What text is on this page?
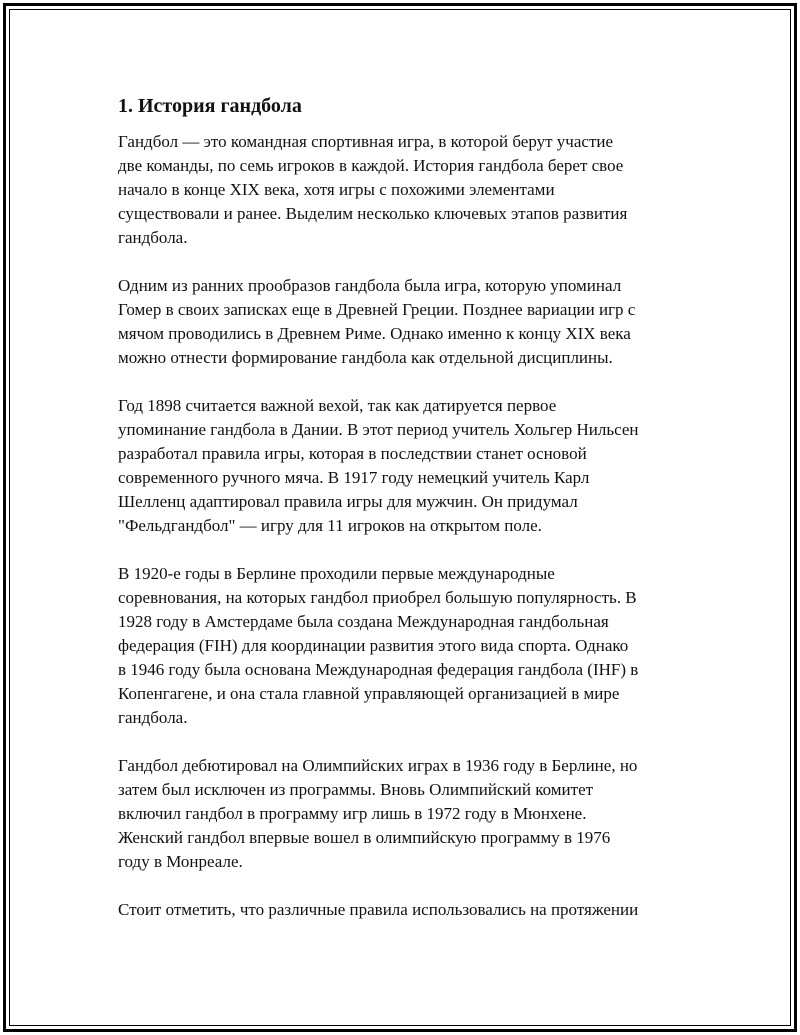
1. История гандбола

Гандбол — это командная спортивная игра, в которой берут участие
две команды, по семь игроков в каждой. История гандбола берет свое
начало в конце XIX века, хотя игры с похожими элементами
существовали и ранее. Выделим несколько ключевых этапов развития
гандбола.

Одним из ранних прообразов гандбола была игра, которую упоминал
Гомер в своих записках еще в Древней Греции. Позднее вариации игр с
мячом проводились в Древнем Риме. Однако именно к концу XIX века
можно отнести формирование гандбола как отдельной дисциплины.

Год 1898 считается важной вехой, так как датируется первое
упоминание гандбола в Дании. В этот период учитель Хольгер Нильсен
разработал правила игры, которая в последствии станет основой
современного ручного мяча. В 1917 году немецкий учитель Карл
Шелленц адаптировал правила игры для мужчин. Он придумал
"Фельдгандбол" — игру для 11 игроков на открытом поле.

В 1920-е годы в Берлине проходили первые международные
соревнования, на которых гандбол приобрел большую популярность. В
1928 году в Амстердаме была создана Международная гандбольная
федерация (FIH) для координации развития этого вида спорта. Однако
в 1946 году была основана Международная федерация гандбола (IHF) в
Копенгагене, и она стала главной управляющей организацией в мире
гандбола.

Гандбол дебютировал на Олимпийских играх в 1936 году в Берлине, но
затем был исключен из программы. Вновь Олимпийский комитет
включил гандбол в программу игр лишь в 1972 году в Мюнхене.
Женский гандбол впервые вошел в олимпийскую программу в 1976
году в Монреале.

Стоит отметить, что различные правила использовались на протяжении
